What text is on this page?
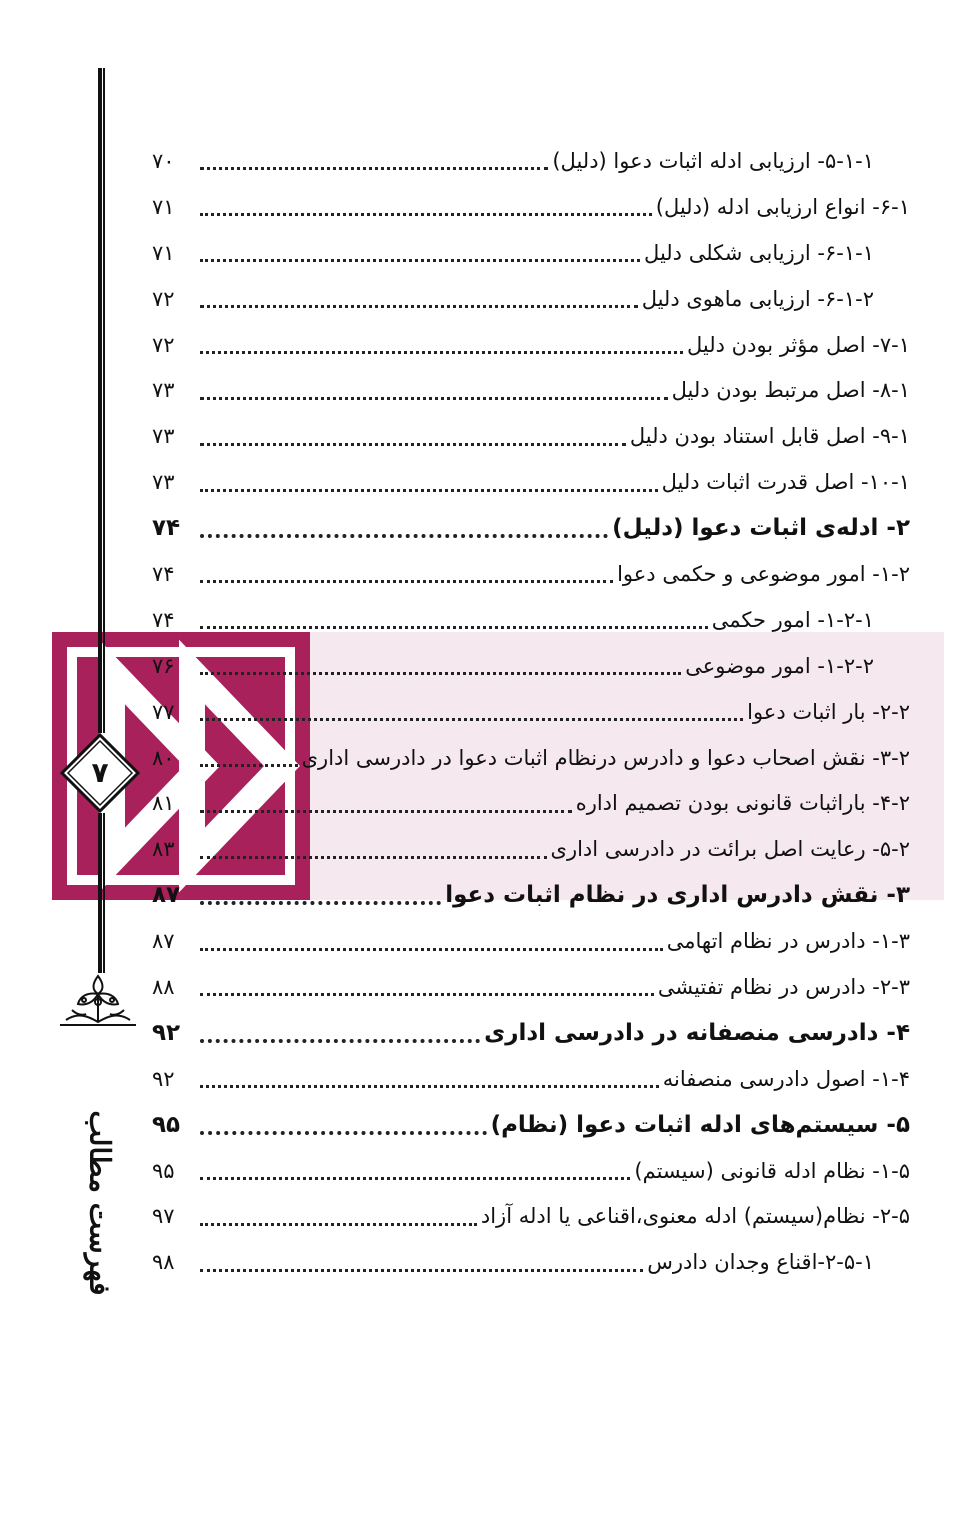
۷
فهرست مطالب
۵-۱-۱- ارزیابی ادله اثبات دعوا (دلیل)
۷۰
۶-۱- انواع ارزیابی ادله (دلیل)
۷۱
۶-۱-۱- ارزیابی شکلی دلیل
۷۱
۶-۱-۲- ارزیابی ماهوی دلیل
۷۲
۷-۱- اصل مؤثر بودن دلیل
۷۲
۸-۱- اصل مرتبط بودن دلیل
۷۳
۹-۱- اصل قابل استناد بودن دلیل
۷۳
۱۰-۱- اصل قدرت اثبات دلیل
۷۳
۲- ادله‌ی اثبات دعوا (دلیل)
۷۴
۱-۲- امور موضوعی و حکمی دعوا
۷۴
۱-۲-۱- امور حکمی
۷۴
۱-۲-۲- امور موضوعی
۷۶
۲-۲- بار اثبات دعوا
۷۷
۳-۲- نقش اصحاب دعوا و دادرس درنظام اثبات دعوا در دادرسی اداری
۸۰
۴-۲- باراثبات قانونی بودن تصمیم اداره
۸۱
۵-۲- رعایت اصل برائت در دادرسی اداری
۸۳
۳- نقش دادرس اداری در نظام اثبات دعوا
۸۷
۱-۳- دادرس در نظام اتهامی
۸۷
۲-۳- دادرس در نظام تفتیشی
۸۸
۴- دادرسی منصفانه در دادرسی اداری
۹۲
۱-۴- اصول دادرسی منصفانه
۹۲
۵- سیستم‌های ادله اثبات دعوا (نظام)
۹۵
۱-۵- نظام ادله قانونی (سیستم)
۹۵
۲-۵- نظام(سیستم) ادله معنوی،اقناعی یا ادله آزاد
۹۷
۲-۵-۱-اقناع وجدان دادرس
۹۸
